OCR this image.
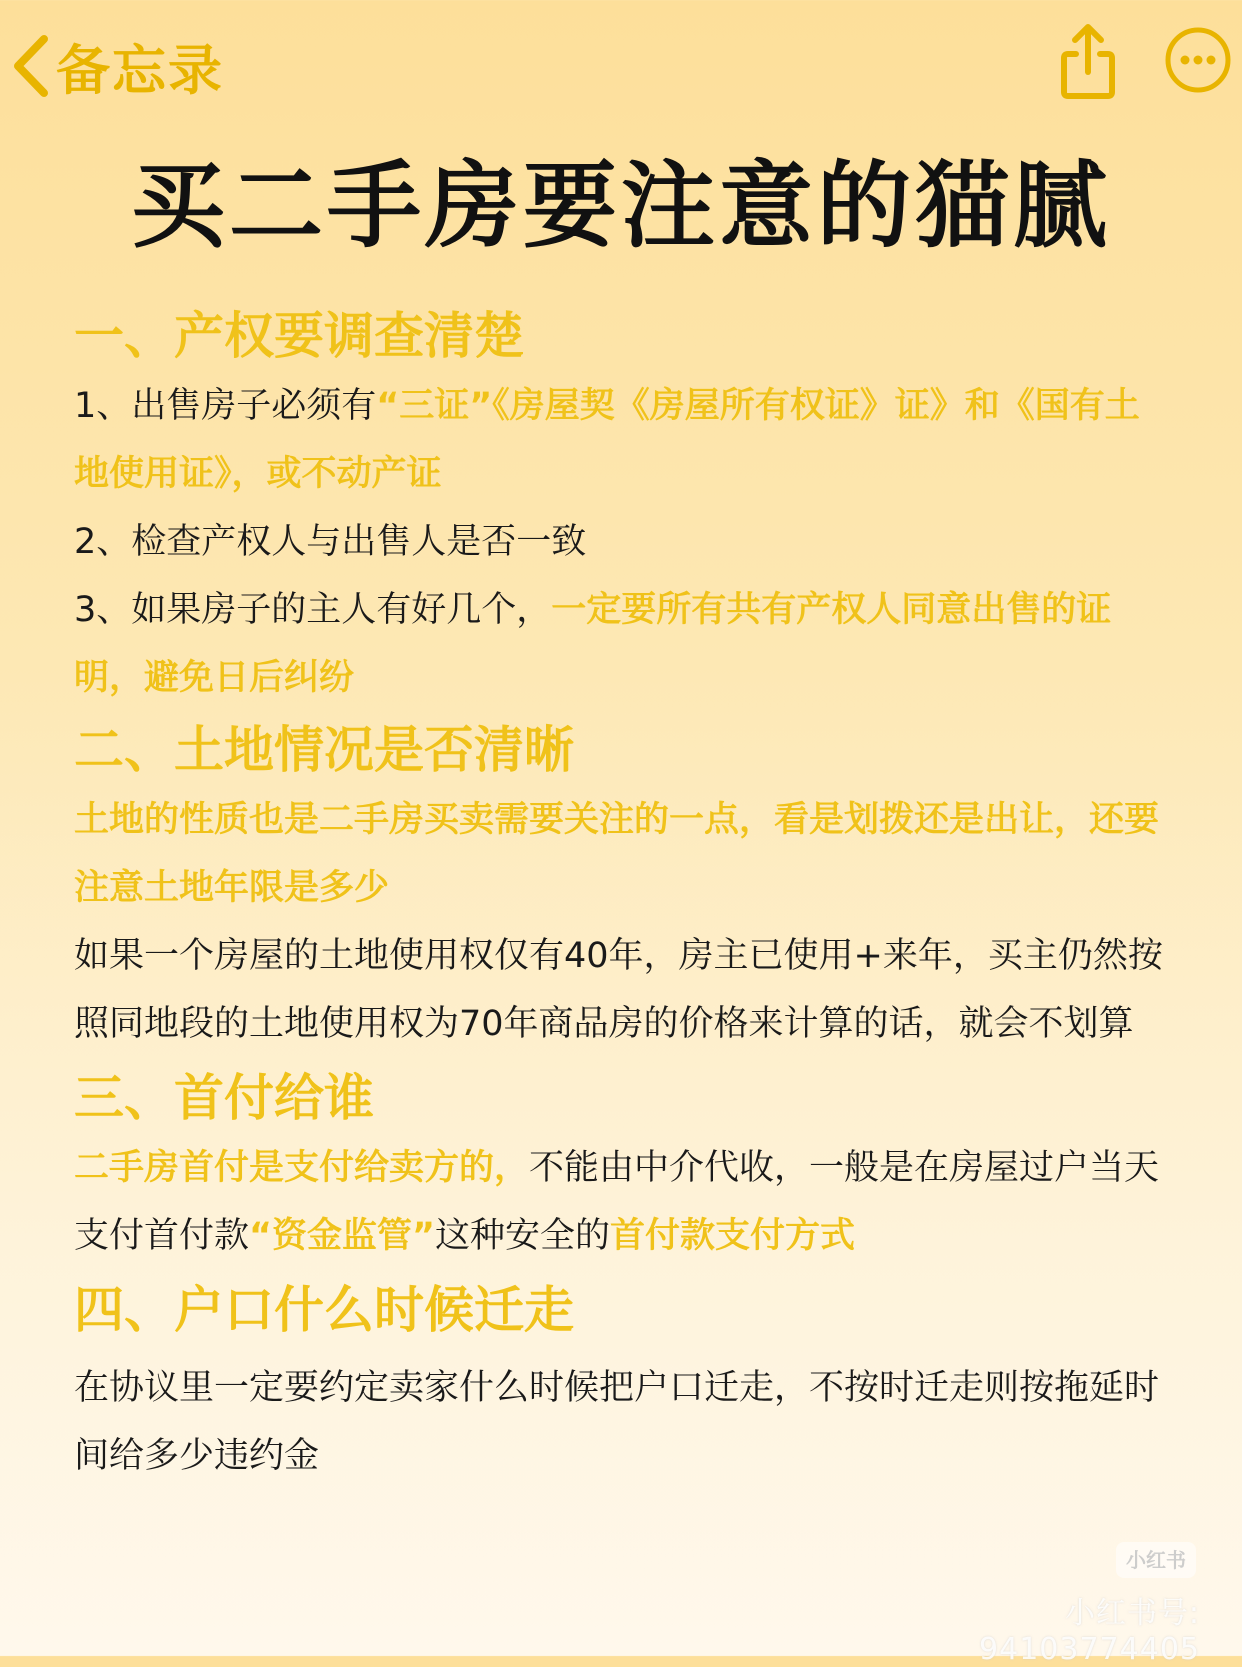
备忘录
买二手房要注意的猫腻

一、产权要调查清楚

1、出售房子必须有“三证”《房屋契《房屋所有权证》证》和《国有土地使用证》，或不动产证

2、检查产权人与出售人是否一致

3、如果房子的主人有好几个，一定要所有共有产权人同意出售的证明，避免日后纠纷

二、土地情况是否清晰

土地的性质也是二手房买卖需要关注的一点，看是划拨还是出让，还要注意土地年限是多少

如果一个房屋的土地使用权仅有40年，房主已使用+来年，买主仍然按照同地段的土地使用权为70年商品房的价格来计算的话，就会不划算

三、首付给谁

二手房首付是支付给卖方的，不能由中介代收，一般是在房屋过户当天支付首付款“资金监管”这种安全的首付款支付方式

四、户口什么时候迁走

在协议里一定要约定卖家什么时候把户口迁走，不按时迁走则按拖延时间给多少违约金

小红书
小红书号: 94103774405
